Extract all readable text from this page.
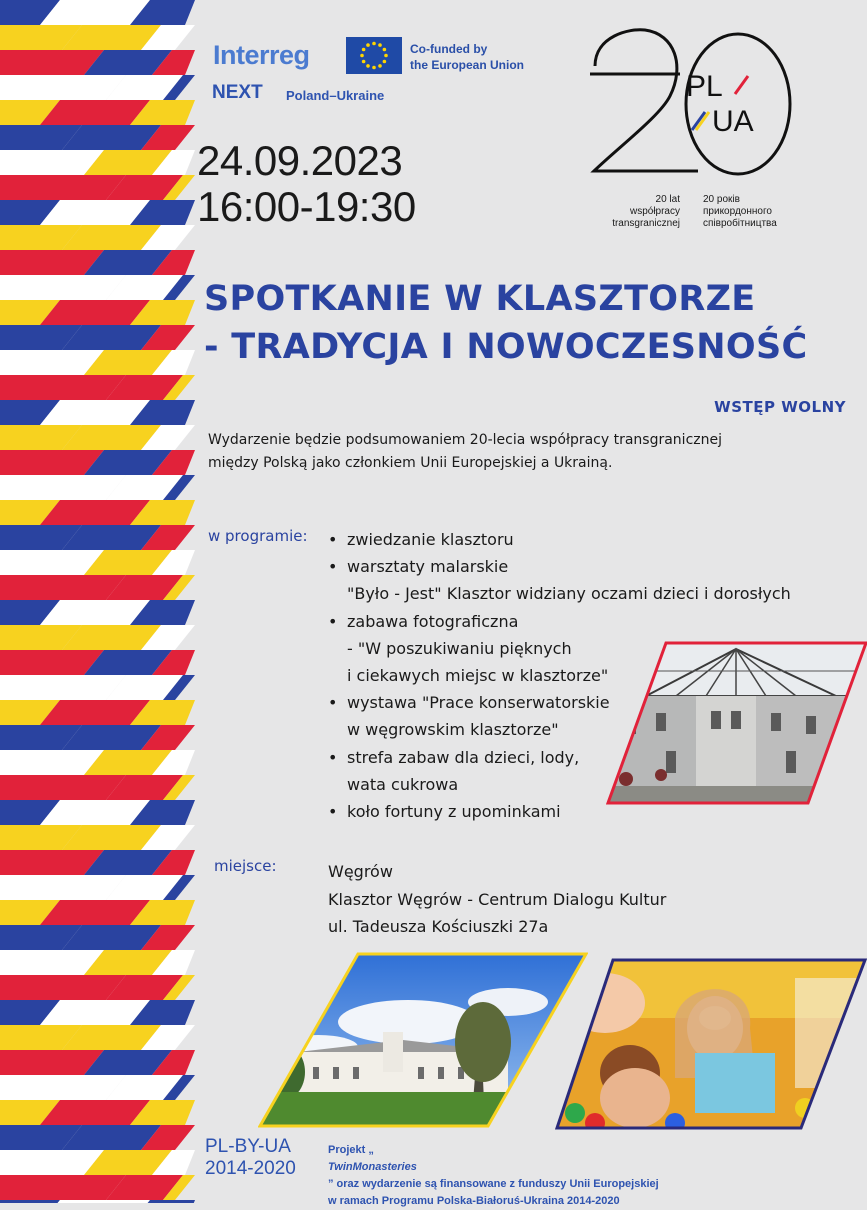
Interreg	Co-funded by
the European Union
NEXT Poland–Ukraine
24.09.2023
16:00-19:30
PL
UA
20 lat
współpracy
transgranicznej
20 років
прикордонного
співробітництва
SPOTKANIE W KLASZTORZE
- TRADYCJA I NOWOCZESNOŚĆ
WSTĘP WOLNY
Wydarzenie będzie podsumowaniem 20-lecia współpracy transgranicznej
między Polską jako członkiem Unii Europejskiej a Ukrainą.
w programie: • zwiedzanie klasztoru
• warsztaty malarskie
"Było - Jest" Klasztor widziany oczami dzieci i dorosłych
• zabawa fotograficzna
- "W poszukiwaniu pięknych
i ciekawych miejsc w klasztorze"
• wystawa "Prace konserwatorskie
w węgrowskim klasztorze"
• strefa zabaw dla dzieci, lody,
wata cukrowa
• koło fortuny z upominkami
miejsce:	Węgrów
Klasztor Węgrów - Centrum Dialogu Kultur
ul. Tadeusza Kościuszki 27a
PL-BY-UA
2014-2020
Projekt „
TwinMonasteries
” oraz wydarzenie są finansowane z funduszy Unii Europejskiej
w ramach Programu Polska-Białoruś-Ukraina 2014-2020
